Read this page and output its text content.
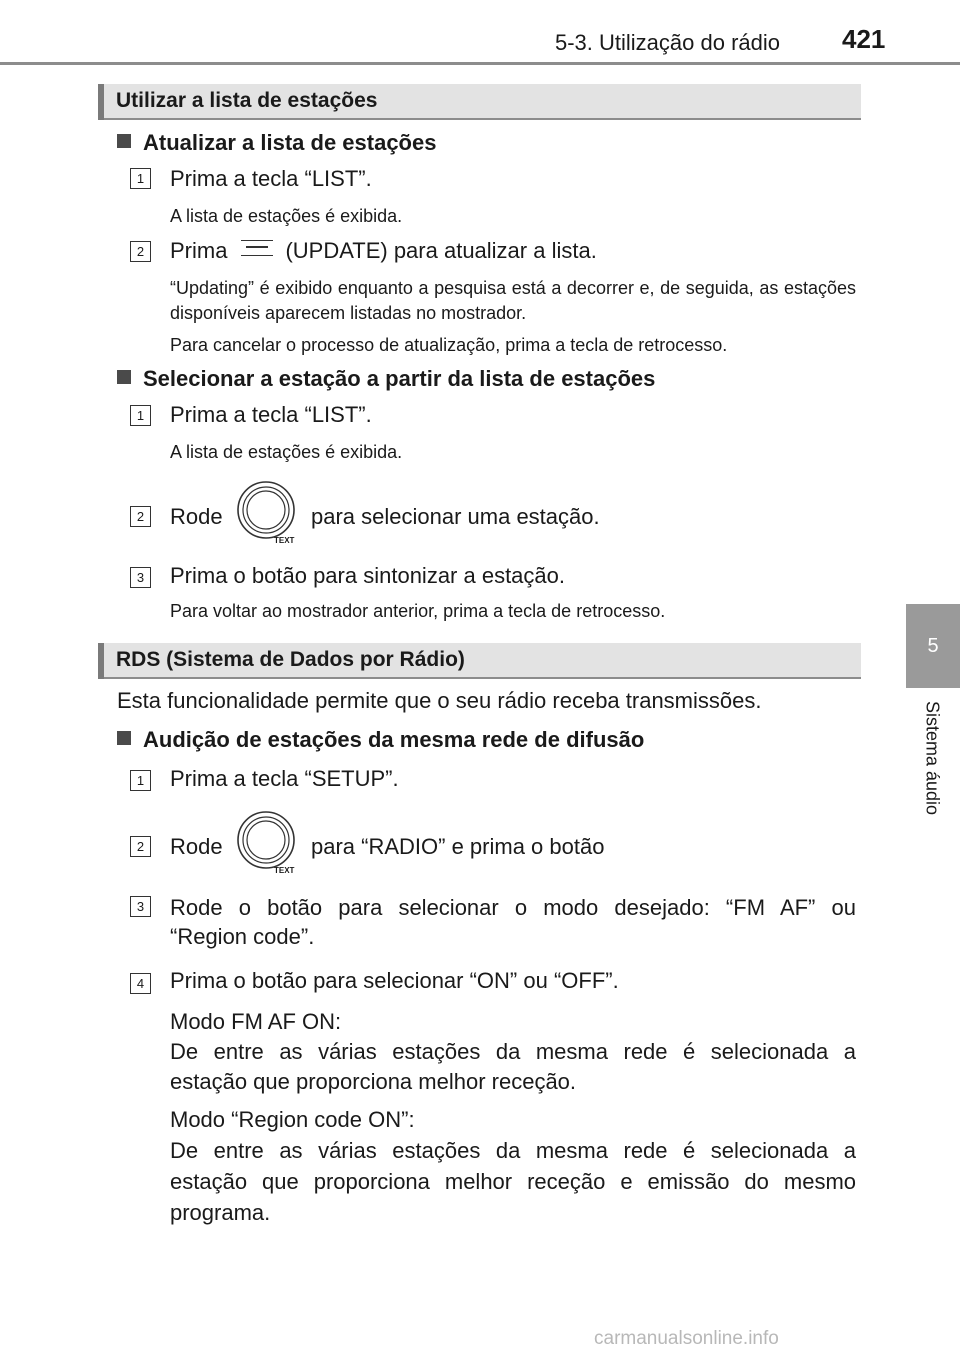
5-3. Utilização do rádio 421
5
Sistema áudio
Utilizar a lista de estações
Atualizar a lista de estações
1	Prima a tecla “LIST”.
A lista de estações é exibida.
2	Prima	(UPDATE) para atualizar a lista.
“Updating” é exibido enquanto a pesquisa está a decorrer e, de seguida, as estações disponíveis aparecem listadas no mostrador.
Para cancelar o processo de atualização, prima a tecla de retrocesso.
Selecionar a estação a partir da lista de estações
1	Prima a tecla “LIST”.
A lista de estações é exibida.
2	Rode
TEXT
para selecionar uma estação.
3	Prima o botão para sintonizar a estação.
Para voltar ao mostrador anterior, prima a tecla de retrocesso.
RDS (Sistema de Dados por Rádio)
Esta funcionalidade permite que o seu rádio receba transmissões.
Audição de estações da mesma rede de difusão
1	Prima a tecla “SETUP”.
2	Rode
TEXT
para “RADIO” e prima o botão
3	Rode o botão para selecionar o modo desejado: “FM AF” ou
“Region code”.
4	Prima o botão para selecionar “ON” ou “OFF”.
Modo FM AF ON:
De entre as várias estações da mesma rede é selecionada a
estação que proporciona melhor receção.
Modo “Region code ON”:
De entre as várias estações da mesma rede é selecionada a
estação que proporciona melhor receção e emissão do mesmo
programa.
carmanualsonline.info
